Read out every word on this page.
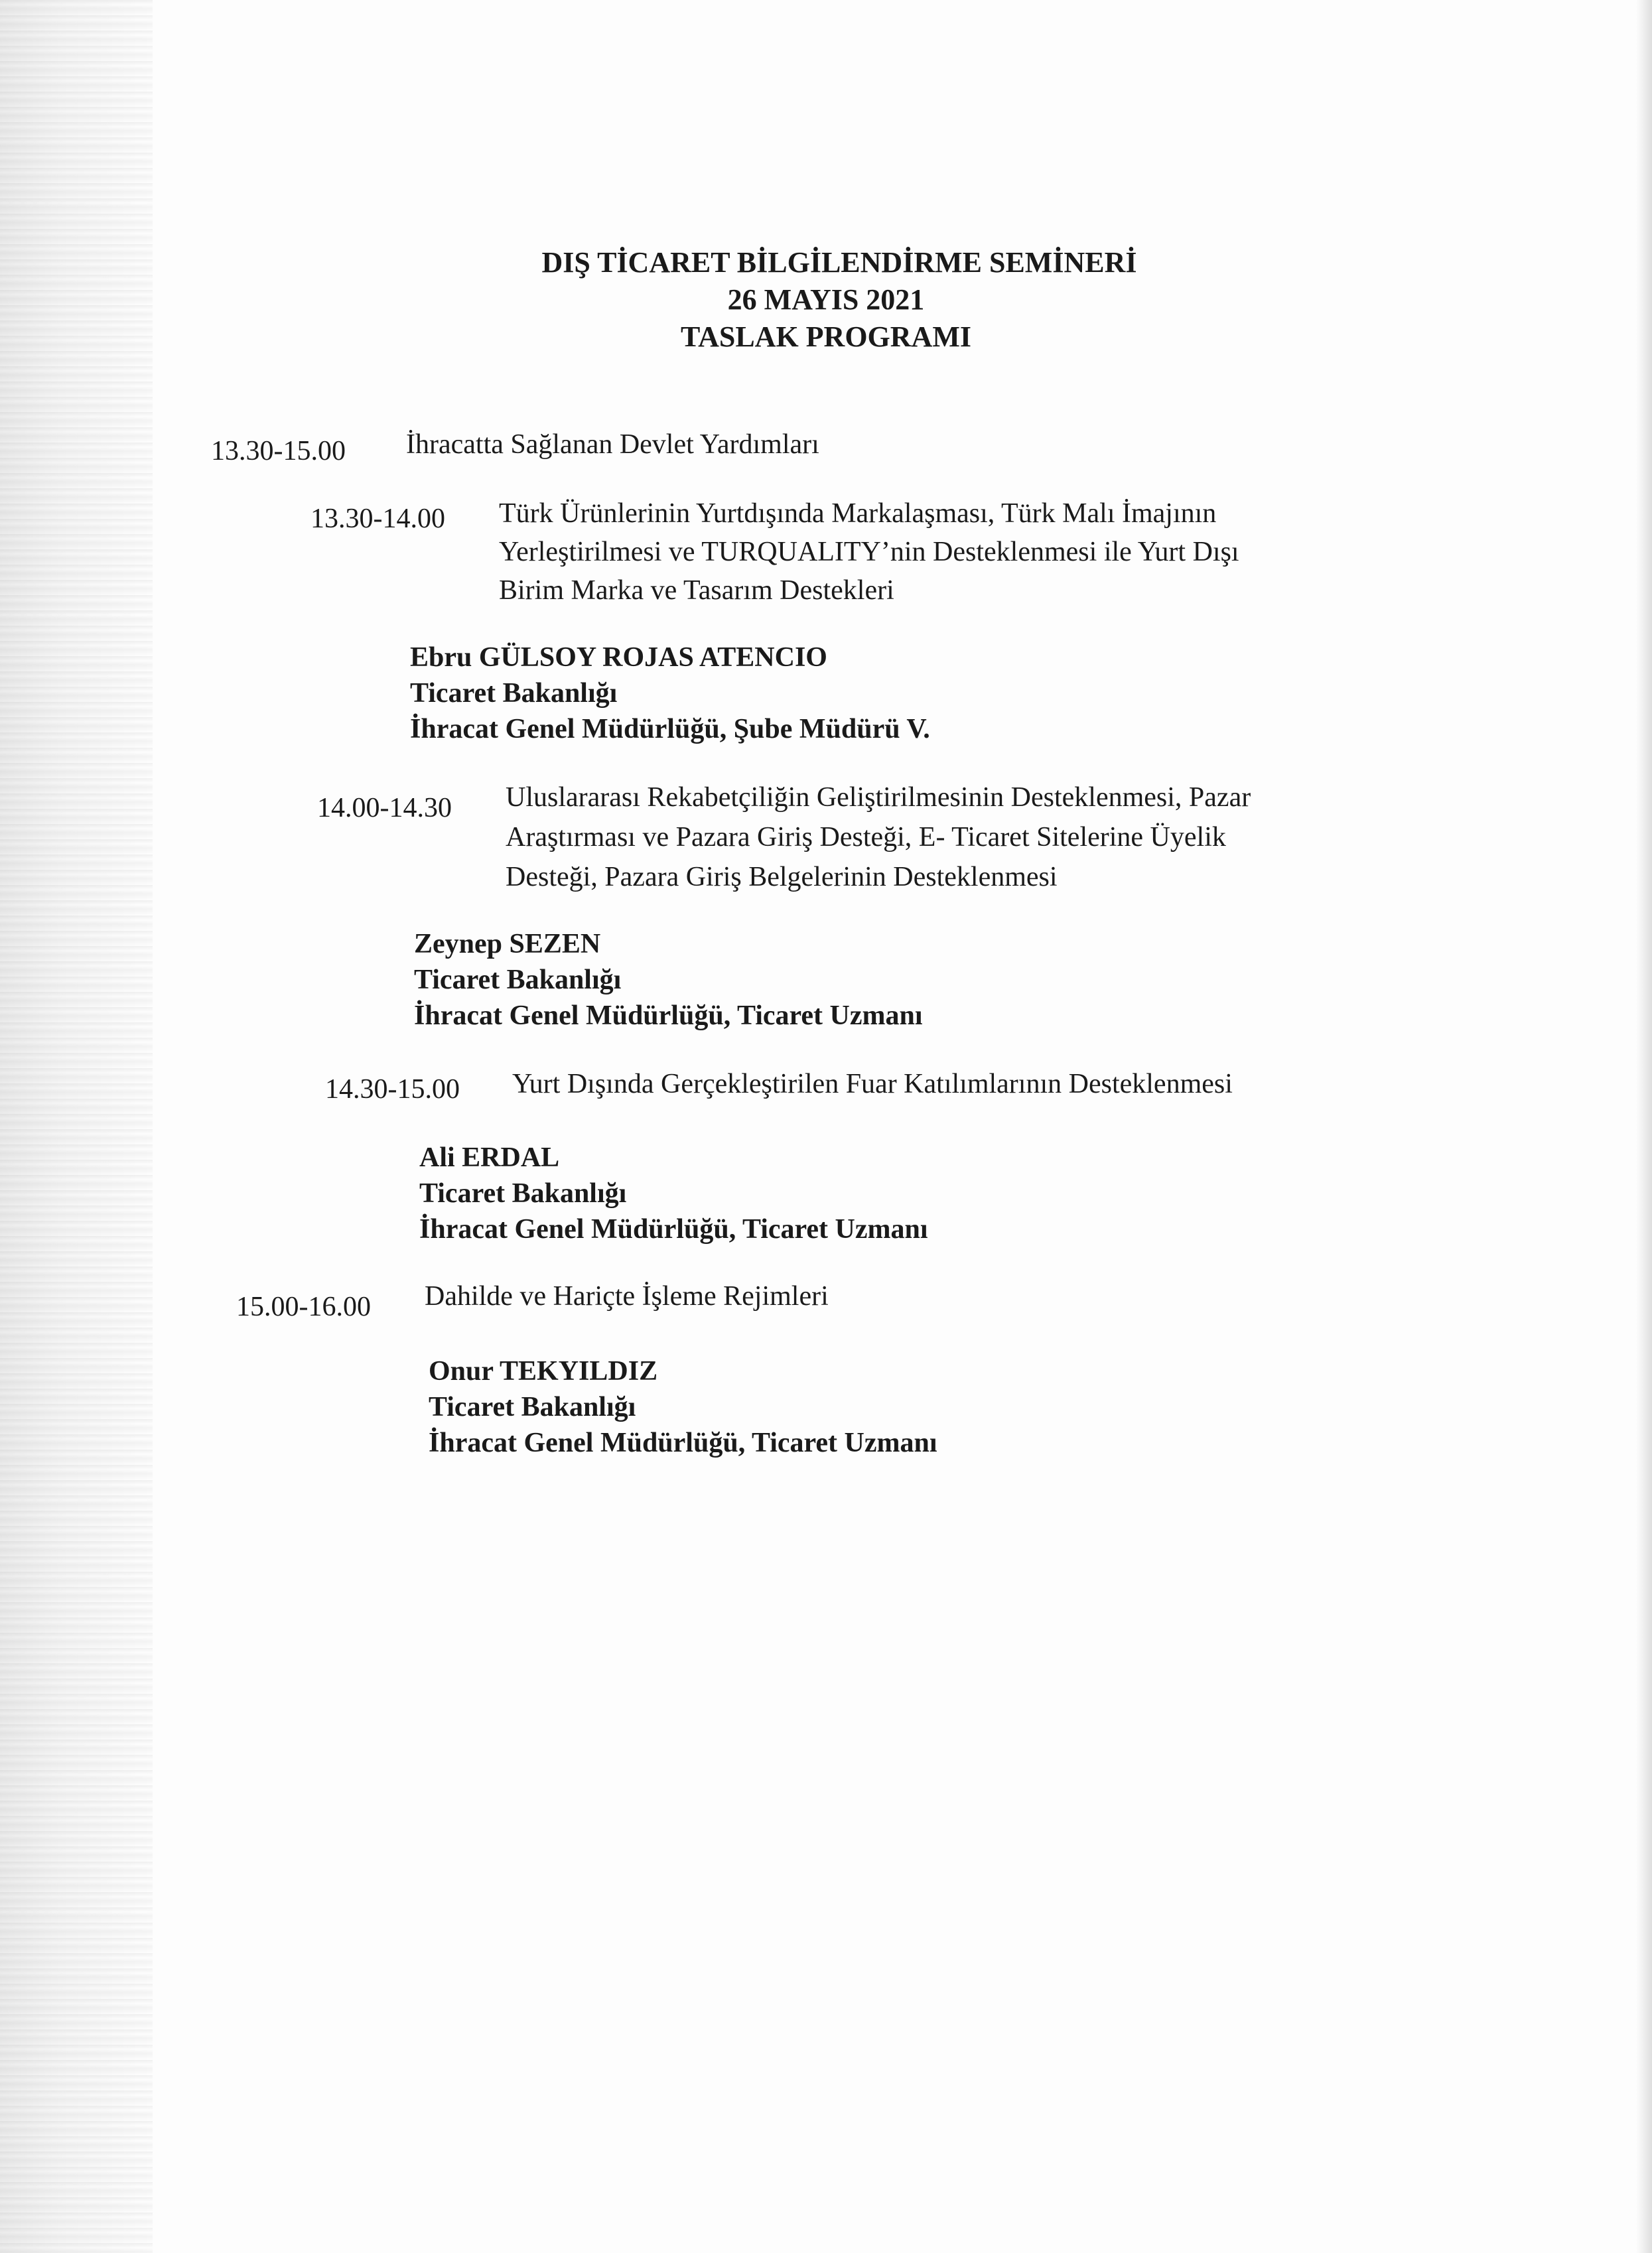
DIŞ TİCARET BİLGİLENDİRME SEMİNERİ
26 MAYIS 2021
TASLAK PROGRAMI
13.30-15.00 İhracatta Sağlanan Devlet Yardımları
13.30-14.00 Türk Ürünlerinin Yurtdışında Markalaşması, Türk Malı İmajının
Yerleştirilmesi ve TURQUALITY’nin Desteklenmesi ile Yurt Dışı
Birim Marka ve Tasarım Destekleri
Ebru GÜLSOY ROJAS ATENCIO
Ticaret Bakanlığı
İhracat Genel Müdürlüğü, Şube Müdürü V.
14.00-14.30 Uluslararası Rekabetçiliğin Geliştirilmesinin Desteklenmesi, Pazar
Araştırması ve Pazara Giriş Desteği, E- Ticaret Sitelerine Üyelik
Desteği, Pazara Giriş Belgelerinin Desteklenmesi
Zeynep SEZEN
Ticaret Bakanlığı
İhracat Genel Müdürlüğü, Ticaret Uzmanı
14.30-15.00 Yurt Dışında Gerçekleştirilen Fuar Katılımlarının Desteklenmesi
Ali ERDAL
Ticaret Bakanlığı
İhracat Genel Müdürlüğü, Ticaret Uzmanı
15.00-16.00 Dahilde ve Hariçte İşleme Rejimleri
Onur TEKYILDIZ
Ticaret Bakanlığı
İhracat Genel Müdürlüğü, Ticaret Uzmanı
